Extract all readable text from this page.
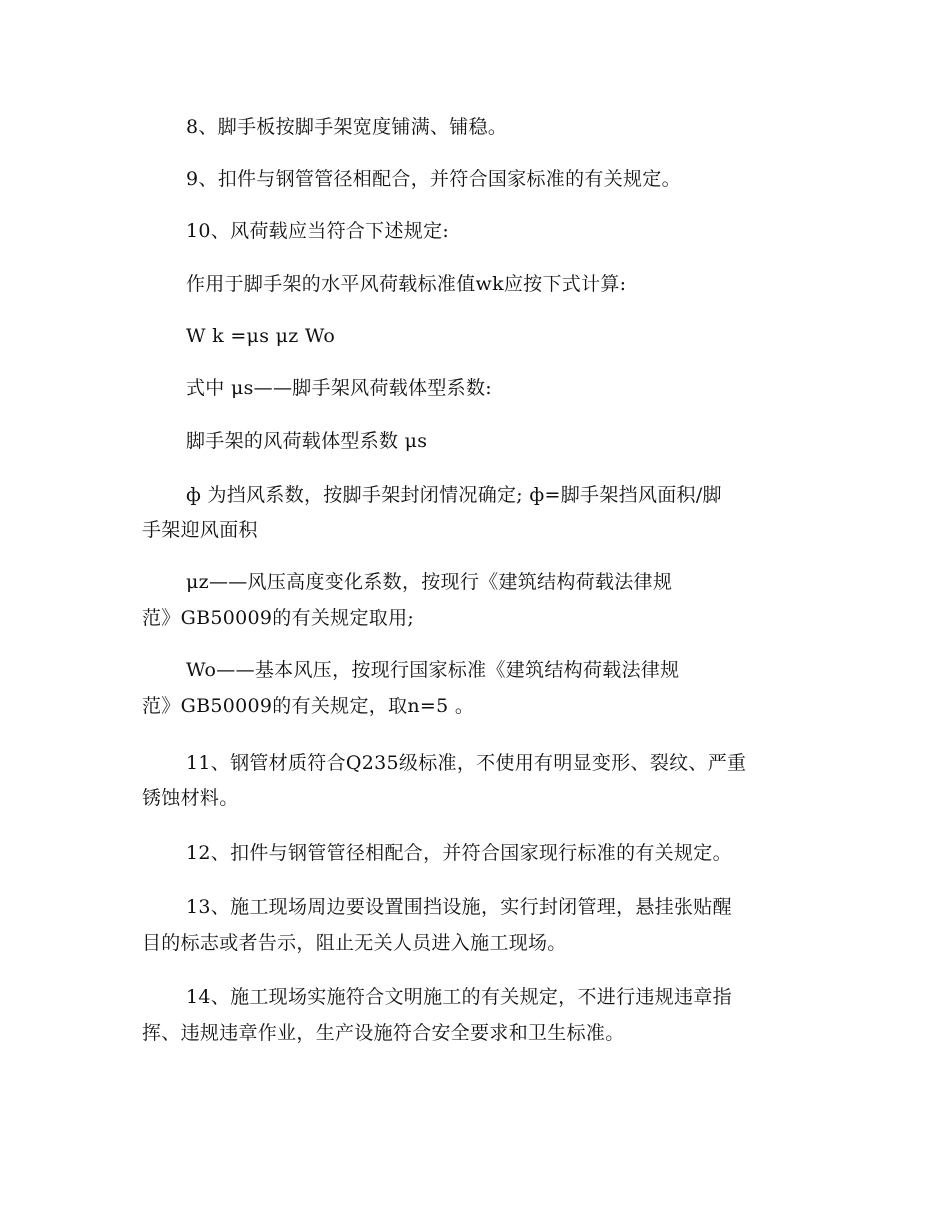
8、脚手板按脚手架宽度铺满、铺稳。
9、扣件与钢管管径相配合，并符合国家标准的有关规定。
10、风荷载应当符合下述规定:
作用于脚手架的水平风荷载标准值wk应按下式计算:
W k =μs μz Wo
式中 μs——脚手架风荷载体型系数:
脚手架的风荷载体型系数 μs
ф 为挡风系数，按脚手架封闭情况确定; ф=脚手架挡风面积/脚
手架迎风面积
μz——风压高度变化系数，按现行《建筑结构荷载法律规
范》GB50009的有关规定取用;
Wo——基本风压，按现行国家标准《建筑结构荷载法律规
范》GB50009的有关规定，取n=5 。
11、钢管材质符合Q235级标准，不使用有明显变形、裂纹、严重
锈蚀材料。
12、扣件与钢管管径相配合，并符合国家现行标准的有关规定。
13、施工现场周边要设置围挡设施，实行封闭管理，悬挂张贴醒
目的标志或者告示，阻止无关人员进入施工现场。
14、施工现场实施符合文明施工的有关规定，不进行违规违章指
挥、违规违章作业，生产设施符合安全要求和卫生标准。
